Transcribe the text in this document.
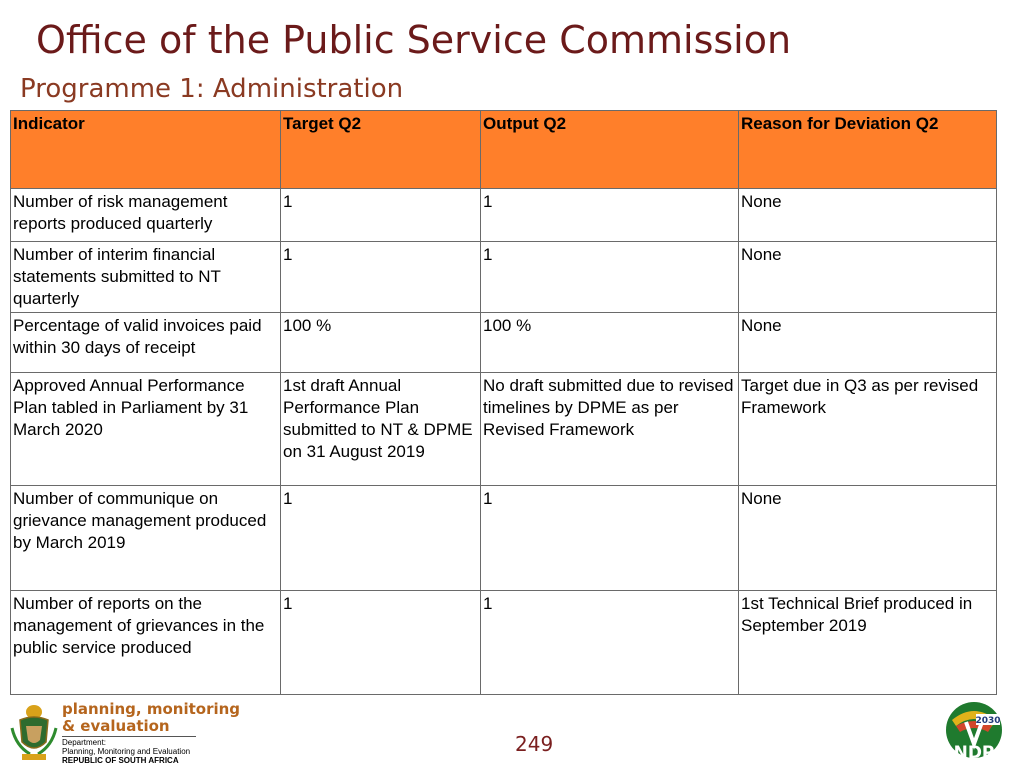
Office of the Public Service Commission
Programme 1: Administration
Indicator	Target Q2	Output Q2	Reason for Deviation Q2
Number of risk management reports produced quarterly	1	1	None
Number of interim financial statements submitted to NT quarterly	1	1	None
Percentage of valid invoices paid within 30 days of receipt	100 %	100 %	None
Approved Annual Performance Plan tabled in Parliament by 31 March 2020	1st draft Annual Performance Plan submitted to NT & DPME on 31 August 2019	No draft submitted due to revised timelines by DPME as per Revised Framework	Target due in Q3 as per revised Framework
Number of communique on grievance management produced by March 2019	1	1	None
Number of reports on the management of grievances in the public service produced	1	1	1st Technical Brief produced in September 2019
planning, monitoring
& evaluation
Department:
Planning, Monitoring and Evaluation
REPUBLIC OF SOUTH AFRICA
249
2030
NDP
